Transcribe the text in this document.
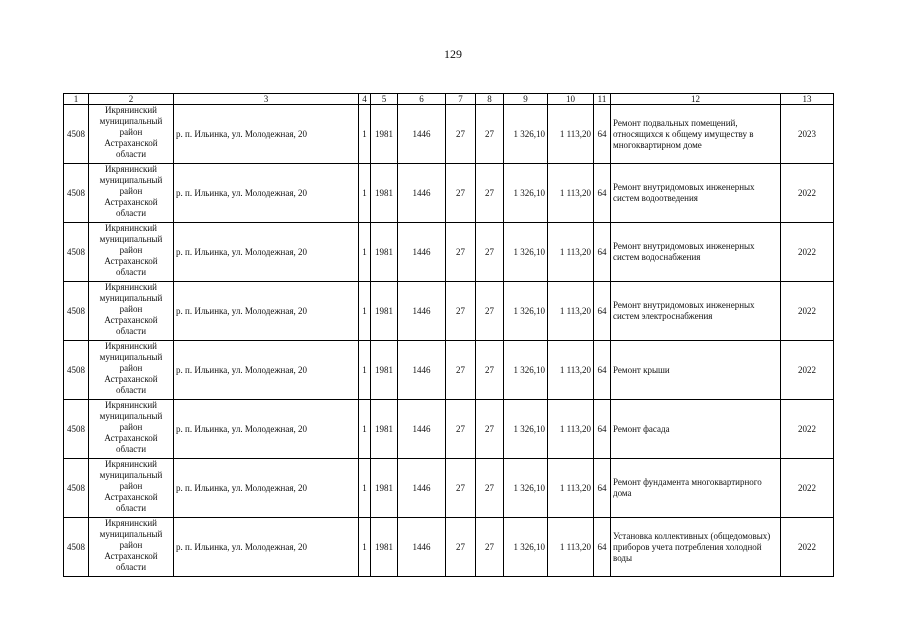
129
1	2	3	4	5	6	7	8	9	10	11	12	13
4508	Икрянинский
муниципальный
район
Астраханской
области	р. п. Ильинка, ул. Молодежная, 20	1	1981	1446	27	27	1 326,10	1 113,20	64	Ремонт подвальных помещений, относящихся к общему имуществу в многоквартирном доме	2023
4508	Икрянинский
муниципальный
район
Астраханской
области	р. п. Ильинка, ул. Молодежная, 20	1	1981	1446	27	27	1 326,10	1 113,20	64	Ремонт внутридомовых инженерных систем водоотведения	2022
4508	Икрянинский
муниципальный
район
Астраханской
области	р. п. Ильинка, ул. Молодежная, 20	1	1981	1446	27	27	1 326,10	1 113,20	64	Ремонт внутридомовых инженерных систем водоснабжения	2022
4508	Икрянинский
муниципальный
район
Астраханской
области	р. п. Ильинка, ул. Молодежная, 20	1	1981	1446	27	27	1 326,10	1 113,20	64	Ремонт внутридомовых инженерных систем электроснабжения	2022
4508	Икрянинский
муниципальный
район
Астраханской
области	р. п. Ильинка, ул. Молодежная, 20	1	1981	1446	27	27	1 326,10	1 113,20	64	Ремонт крыши	2022
4508	Икрянинский
муниципальный
район
Астраханской
области	р. п. Ильинка, ул. Молодежная, 20	1	1981	1446	27	27	1 326,10	1 113,20	64	Ремонт фасада	2022
4508	Икрянинский
муниципальный
район
Астраханской
области	р. п. Ильинка, ул. Молодежная, 20	1	1981	1446	27	27	1 326,10	1 113,20	64	Ремонт фундамента многоквартирного дома	2022
4508	Икрянинский
муниципальный
район
Астраханской
области	р. п. Ильинка, ул. Молодежная, 20	1	1981	1446	27	27	1 326,10	1 113,20	64	Установка коллективных (общедомовых) приборов учета потребления холодной воды	2022
